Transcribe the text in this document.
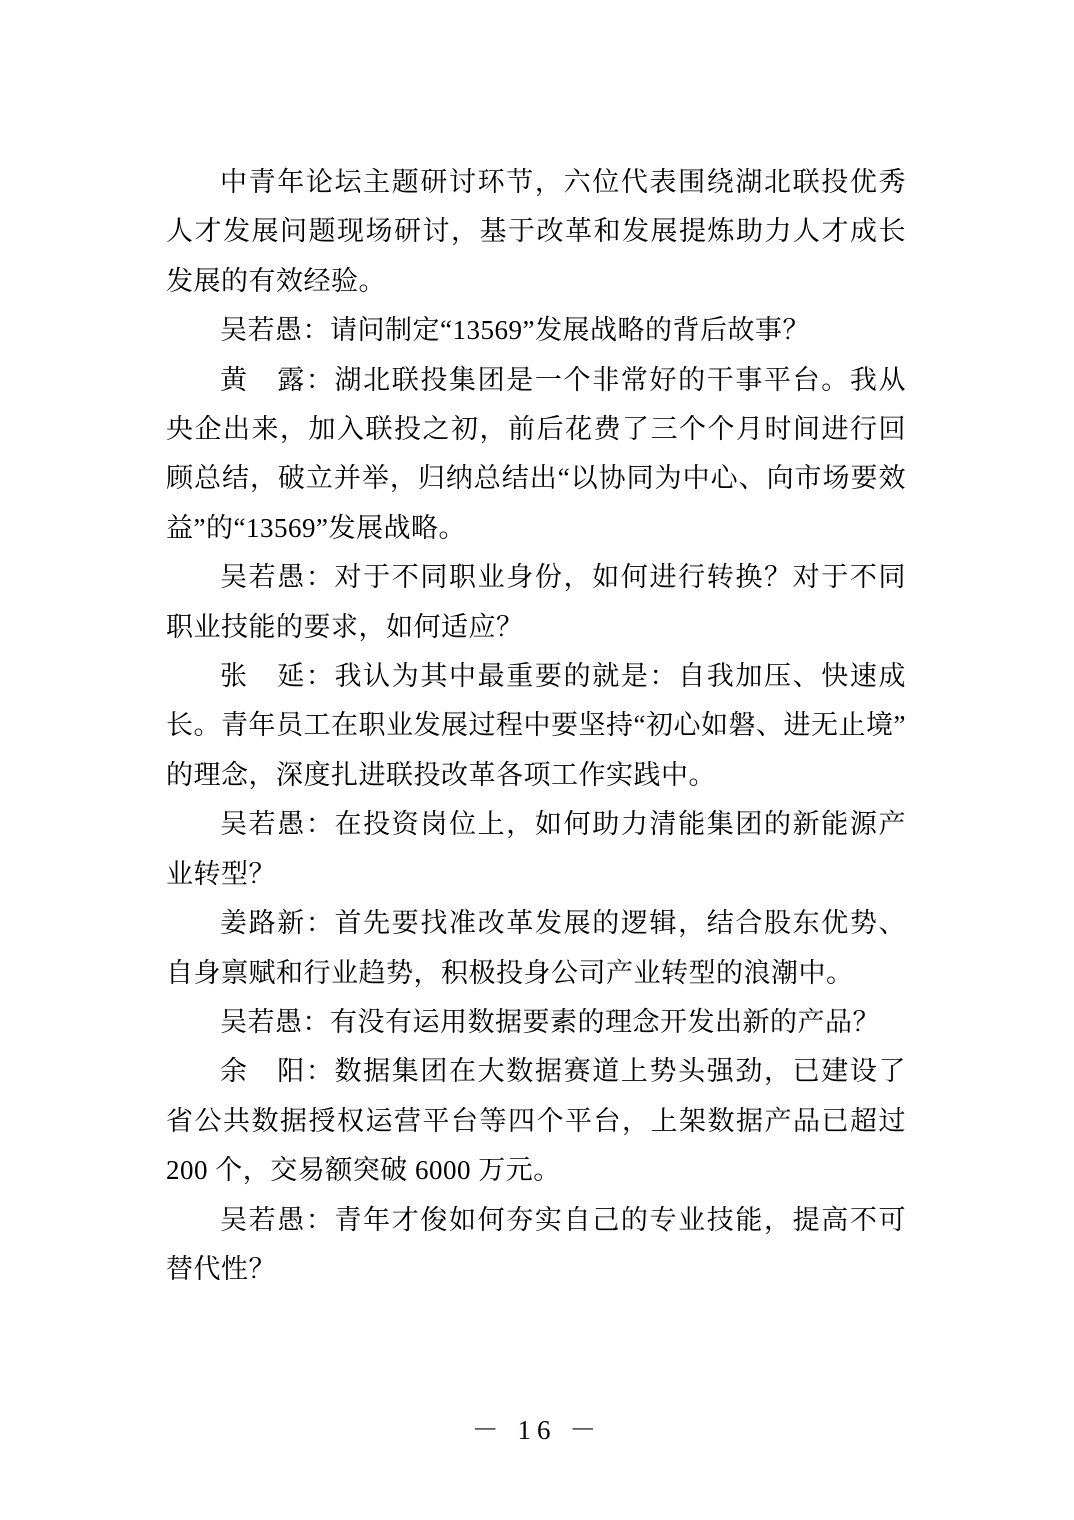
中青年论坛主题研讨环节，六位代表围绕湖北联投优秀人才发展问题现场研讨，基于改革和发展提炼助力人才成长发展的有效经验。

吴若愚：请问制定“13569”发展战略的背后故事？

黄　露：湖北联投集团是一个非常好的干事平台。我从央企出来，加入联投之初，前后花费了三个个月时间进行回顾总结，破立并举，归纳总结出“以协同为中心、向市场要效益”的“13569”发展战略。

吴若愚：对于不同职业身份，如何进行转换？对于不同职业技能的要求，如何适应？

张　延：我认为其中最重要的就是：自我加压、快速成长。青年员工在职业发展过程中要坚持“初心如磐、进无止境”的理念，深度扎进联投改革各项工作实践中。

吴若愚：在投资岗位上，如何助力清能集团的新能源产业转型？

姜路新：首先要找准改革发展的逻辑，结合股东优势、自身禀赋和行业趋势，积极投身公司产业转型的浪潮中。

吴若愚：有没有运用数据要素的理念开发出新的产品？

余　阳：数据集团在大数据赛道上势头强劲，已建设了省公共数据授权运营平台等四个平台，上架数据产品已超过 200 个，交易额突破 6000 万元。

吴若愚：青年才俊如何夯实自己的专业技能，提高不可替代性？

－ 16 －
